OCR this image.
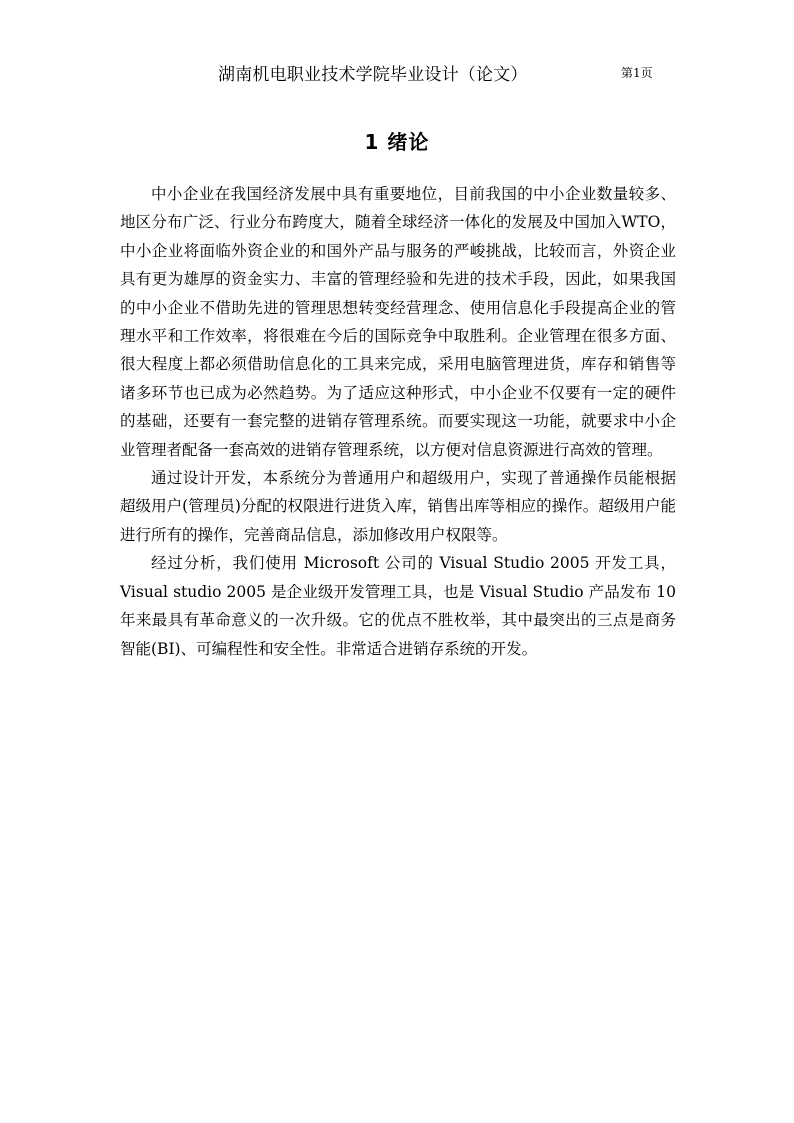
湖南机电职业技术学院毕业设计（论文）	第1页
1 绪论

中小企业在我国经济发展中具有重要地位，目前我国的中小企业数量较多、地区分布广泛、行业分布跨度大，随着全球经济一体化的发展及中国加入WTO，中小企业将面临外资企业的和国外产品与服务的严峻挑战，比较而言，外资企业具有更为雄厚的资金实力、丰富的管理经验和先进的技术手段，因此，如果我国的中小企业不借助先进的管理思想转变经营理念、使用信息化手段提高企业的管理水平和工作效率，将很难在今后的国际竞争中取胜利。企业管理在很多方面、很大程度上都必须借助信息化的工具来完成，采用电脑管理进货，库存和销售等诸多环节也已成为必然趋势。为了适应这种形式，中小企业不仅要有一定的硬件的基础，还要有一套完整的进销存管理系统。而要实现这一功能，就要求中小企业管理者配备一套高效的进销存管理系统，以方便对信息资源进行高效的管理。

通过设计开发，本系统分为普通用户和超级用户，实现了普通操作员能根据超级用户(管理员)分配的权限进行进货入库，销售出库等相应的操作。超级用户能进行所有的操作，完善商品信息，添加修改用户权限等。

经过分析，我们使用 Microsoft 公司的 Visual Studio 2005 开发工具，Visual studio 2005 是企业级开发管理工具，也是 Visual Studio 产品发布 10 年来最具有革命意义的一次升级。它的优点不胜枚举，其中最突出的三点是商务智能(BI)、可编程性和安全性。非常适合进销存系统的开发。
